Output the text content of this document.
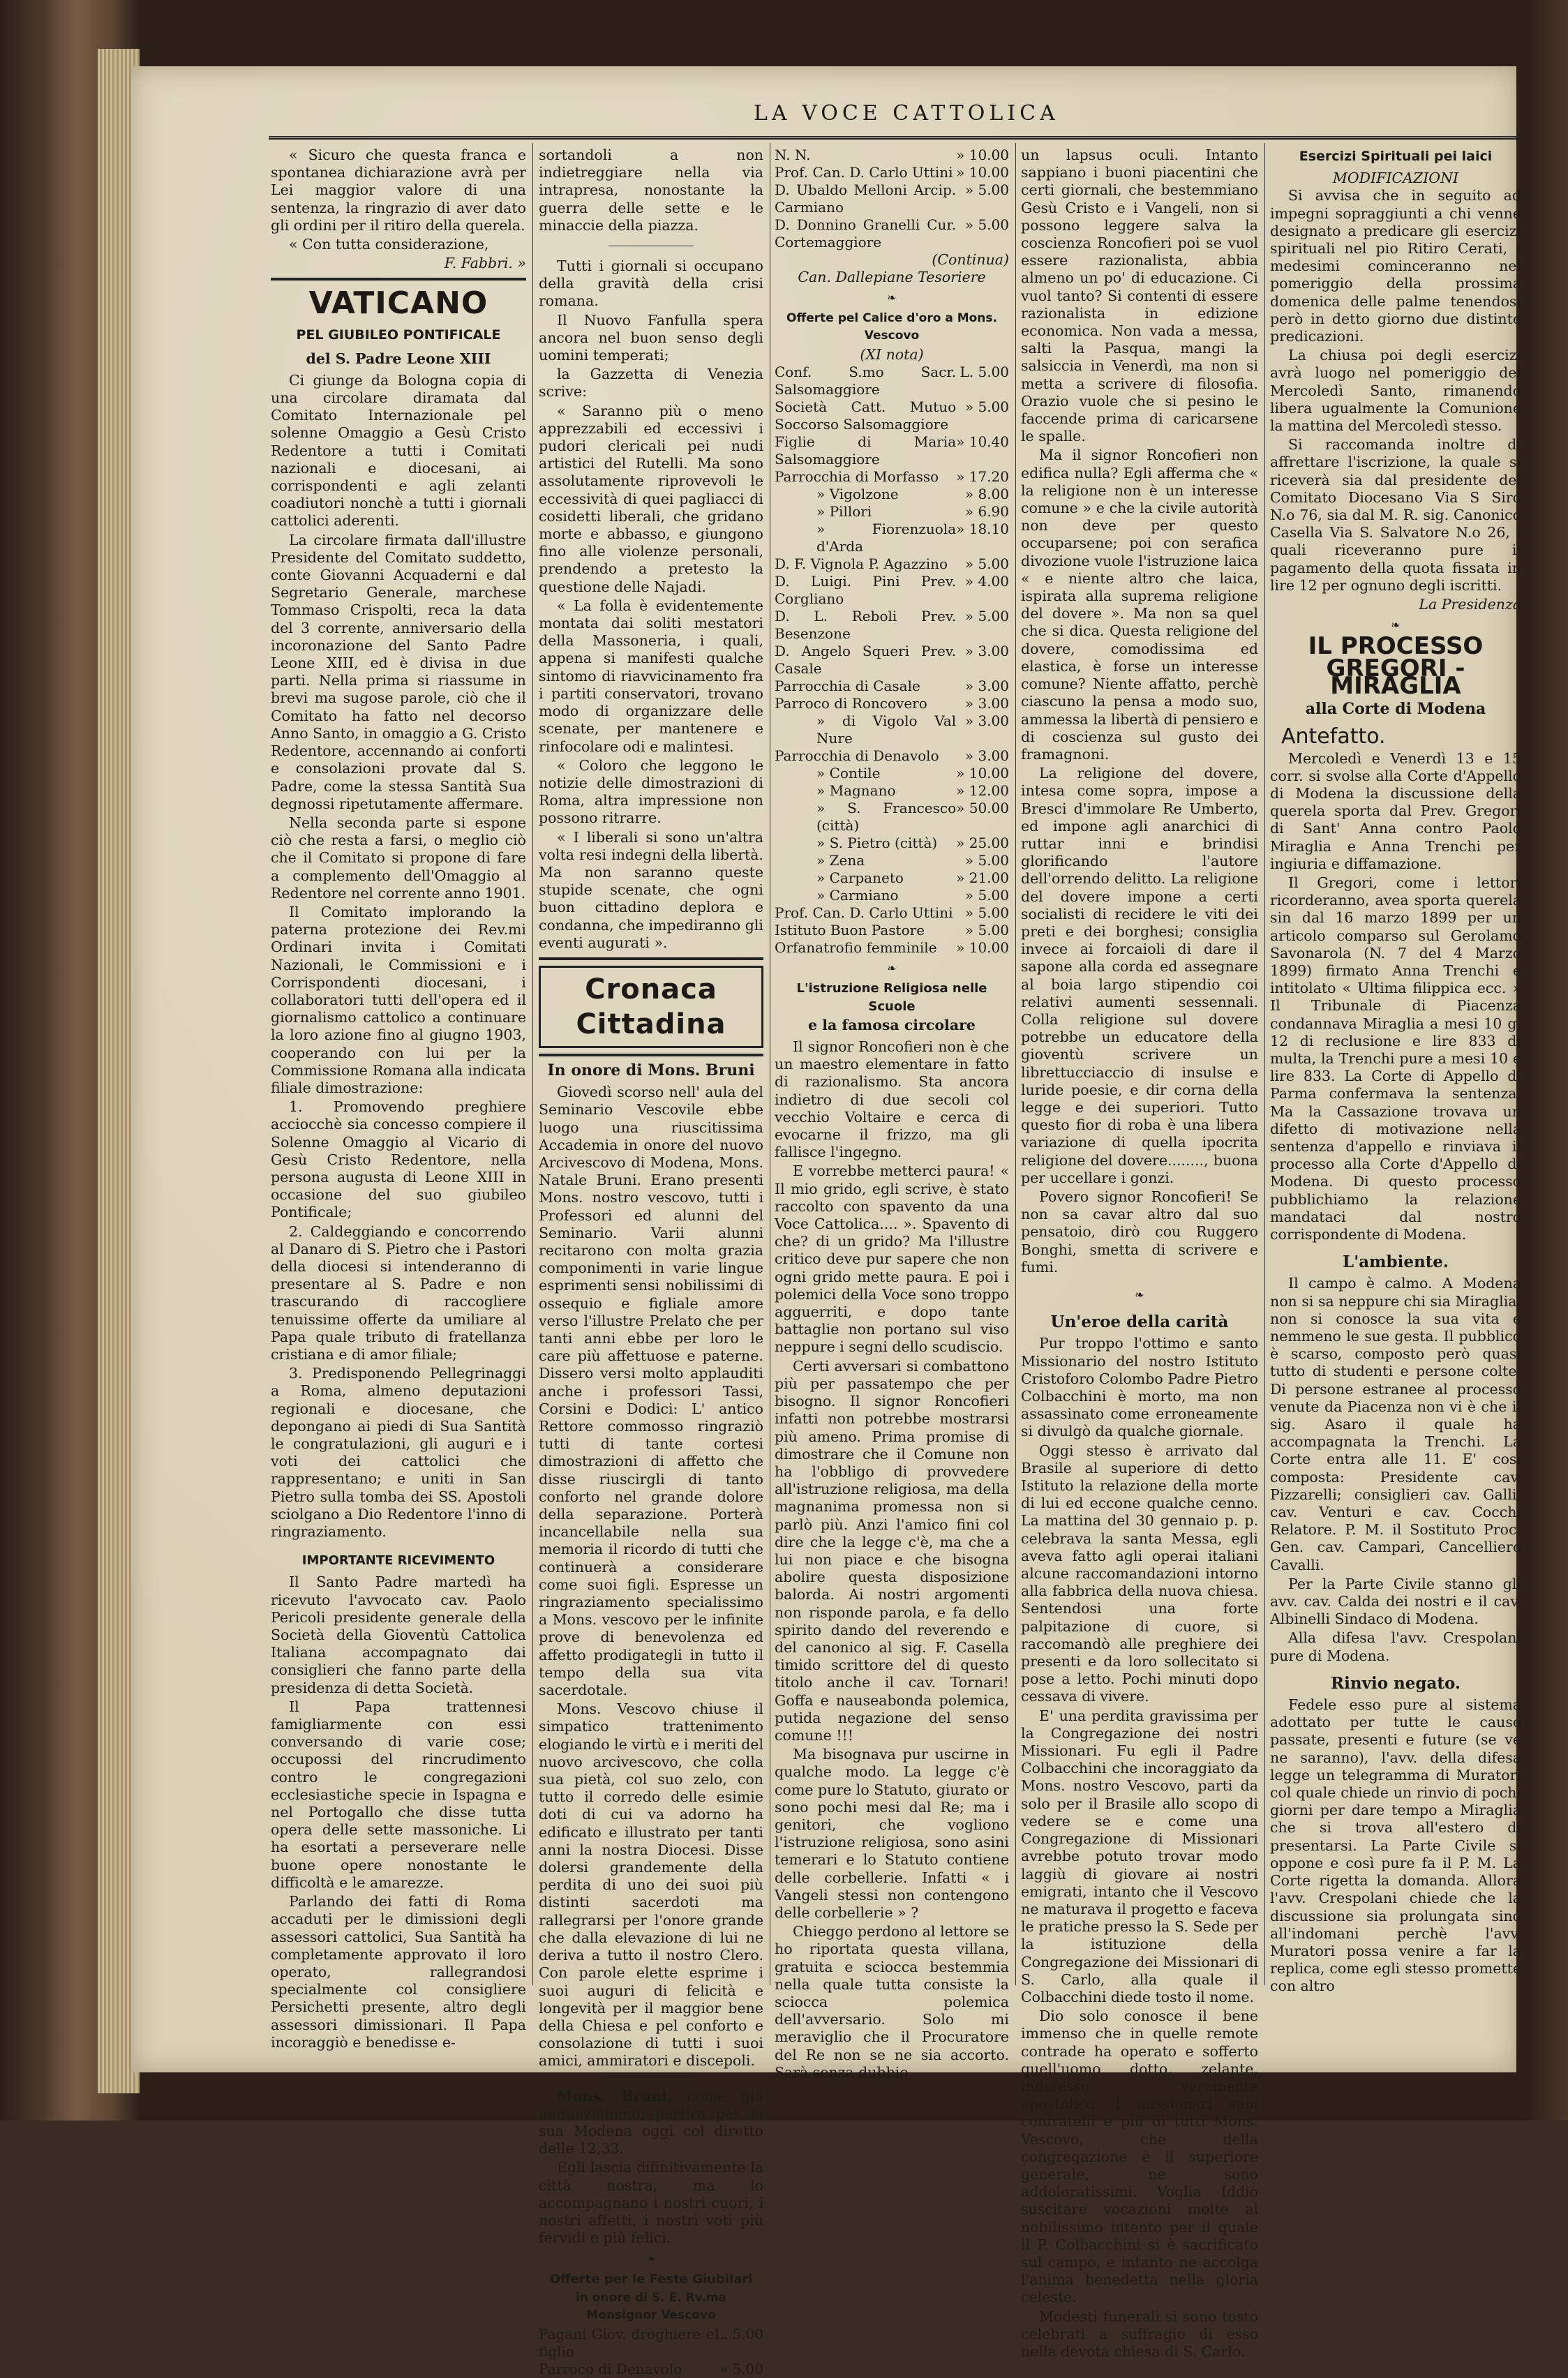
LA VOCE CATTOLICA

« Sicuro che questa franca e spontanea dichiarazione avrà per Lei maggior valore di una sentenza, la ringrazio di aver dato gli ordini per il ritiro della querela.

« Con tutta considerazione,

F. Fabbri. »
VATICANO
PEL GIUBILEO PONTIFICALE
del S. Padre Leone XIII

Ci giunge da Bologna copia di una circolare diramata dal Comitato Internazionale pel solenne Omaggio a Gesù Cristo Redentore a tutti i Comitati nazionali e diocesani, ai corrispondenti e agli zelanti coadiutori nonchè a tutti i giornali cattolici aderenti.

La circolare firmata dall'illustre Presidente del Comitato suddetto, conte Giovanni Acquaderni e dal Segretario Generale, marchese Tommaso Crispolti, reca la data del 3 corrente, anniversario della incoronazione del Santo Padre Leone XIII, ed è divisa in due parti. Nella prima si riassume in brevi ma sugose parole, ciò che il Comitato ha fatto nel decorso Anno Santo, in omaggio a G. Cristo Redentore, accennando ai conforti e consolazioni provate dal S. Padre, come la stessa Santità Sua degnossi ripetutamente affermare.

Nella seconda parte si espone ciò che resta a farsi, o meglio ciò che il Comitato si propone di fare a complemento dell'Omaggio al Redentore nel corrente anno 1901.

Il Comitato implorando la paterna protezione dei Rev.mi Ordinari invita i Comitati Nazionali, le Commissioni e i Corrispondenti diocesani, i collaboratori tutti dell'opera ed il giornalismo cattolico a continuare la loro azione fino al giugno 1903, cooperando con lui per la Commissione Romana alla indicata filiale dimostrazione:

1. Promovendo preghiere acciocchè sia concesso compiere il Solenne Omaggio al Vicario di Gesù Cristo Redentore, nella persona augusta di Leone XIII in occasione del suo giubileo Pontificale;

2. Caldeggiando e concorrendo al Danaro di S. Pietro che i Pastori della diocesi si intenderanno di presentare al S. Padre e non trascurando di raccogliere tenuissime offerte da umiliare al Papa quale tributo di fratellanza cristiana e di amor filiale;

3. Predisponendo Pellegrinaggi a Roma, almeno deputazioni regionali e diocesane, che depongano ai piedi di Sua Santità le congratulazioni, gli auguri e i voti dei cattolici che rappresentano; e uniti in San Pietro sulla tomba dei SS. Apostoli sciolgano a Dio Redentore l'inno di ringraziamento.

IMPORTANTE RICEVIMENTO

Il Santo Padre martedì ha ricevuto l'avvocato cav. Paolo Pericoli presidente generale della Società della Gioventù Cattolica Italiana accompagnato dai consiglieri che fanno parte della presidenza di detta Società.

Il Papa trattennesi famigliarmente con essi conversando di varie cose; occupossi del rincrudimento contro le congregazioni ecclesiastiche specie in Ispagna e nel Portogallo che disse tutta opera delle sette massoniche. Li ha esortati a perseverare nelle buone opere nonostante le difficoltà e le amarezze.

Parlando dei fatti di Roma accaduti per le dimissioni degli assessori cattolici, Sua Santità ha completamente approvato il loro operato, rallegrandosi specialmente col consigliere Persichetti presente, altro degli assessori dimissionari. Il Papa incoraggiò e benedisse e-

sortandoli a non indietreggiare nella via intrapresa, nonostante la guerra delle sette e le minaccie della piazza.

Tutti i giornali si occupano della gravità della crisi romana.

Il Nuovo Fanfulla spera ancora nel buon senso degli uomini temperati;

la Gazzetta di Venezia scrive:

« Saranno più o meno apprezzabili ed eccessivi i pudori clericali pei nudi artistici del Rutelli. Ma sono assolutamente riprovevoli le eccessività di quei pagliacci di cosidetti liberali, che gridano morte e abbasso, e giungono fino alle violenze personali, prendendo a pretesto la questione delle Najadi.

« La folla è evidentemente montata dai soliti mestatori della Massoneria, i quali, appena si manifesti qualche sintomo di riavvicinamento fra i partiti conservatori, trovano modo di organizzare delle scenate, per mantenere e rinfocolare odi e malintesi.

« Coloro che leggono le notizie delle dimostrazioni di Roma, altra impressione non possono ritrarre.

« I liberali si sono un'altra volta resi indegni della libertà. Ma non saranno queste stupide scenate, che ogni buon cittadino deplora e condanna, che impediranno gli eventi augurati ».

Cronaca Cittadina
In onore di Mons. Bruni

Giovedì scorso nell' aula del Seminario Vescovile ebbe luogo una riuscitissima Accademia in onore del nuovo Arcivescovo di Modena, Mons. Natale Bruni. Erano presenti Mons. nostro vescovo, tutti i Professori ed alunni del Seminario. Varii alunni recitarono con molta grazia componimenti in varie lingue esprimenti sensi nobilissimi di ossequio e figliale amore verso l'illustre Prelato che per tanti anni ebbe per loro le care più affettuose e paterne. Dissero versi molto applauditi anche i professori Tassi, Corsini e Dodici: L' antico Rettore commosso ringraziò tutti di tante cortesi dimostrazioni di affetto che disse riuscirgli di tanto conforto nel grande dolore della separazione. Porterà incancellabile nella sua memoria il ricordo di tutti che continuerà a considerare come suoi figli. Espresse un ringraziamento specialissimo a Mons. vescovo per le infinite prove di benevolenza ed affetto prodigategli in tutto il tempo della sua vita sacerdotale.

Mons. Vescovo chiuse il simpatico trattenimento elogiando le virtù e i meriti del nuovo arcivescovo, che colla sua pietà, col suo zelo, con tutto il corredo delle esimie doti di cui va adorno ha edificato e illustrato per tanti anni la nostra Diocesi. Disse dolersi grandemente della perdita di uno dei suoi più distinti sacerdoti ma rallegrarsi per l'onore grande che dalla elevazione di lui ne deriva a tutto il nostro Clero. Con parole elette esprime i suoi auguri di felicità e longevità per il maggior bene della Chiesa e pel conforto e consolazione di tutti i suoi amici, ammiratori e discepoli.

Mons. Bruni, come già annunziammo, partirà per la sua Modena oggi col diretto delle 12,33.

Egli lascia difinitivamente la città nostra, ma lo accompagnano i nostri cuori, i nostri affetti, i nostri voti più fervidi e più felici.

❧
Offerte per le Feste Giubilari
in onore di S. E. Rv.ma Monsignor Vescovo
Pagani Giov. droghiere e figlio	L. 5.00
Parroco di Denavolo	» 5.00
N. N.	» 10.00
Prof. Can. D. Carlo Uttini	» 10.00
D. Ubaldo Melloni Arcip. Carmiano	» 5.00
D. Donnino Granelli Cur. Cortemaggiore	» 5.00
(Continua)
Can. Dallepiane Tesoriere
❧
Offerte pel Calice d'oro a Mons. Vescovo
(XI nota)
Conf. S.mo Sacr. Salsomaggiore	L. 5.00
Società Catt. Mutuo Soccorso Salsomaggiore	» 5.00
Figlie di Maria Salsomaggiore	» 10.40
Parrocchia di Morfasso	» 17.20
» Vigolzone	» 8.00
» Pillori	» 6.90
» Fiorenzuola d'Arda	» 18.10
D. F. Vignola P. Agazzino	» 5.00
D. Luigi. Pini Prev. Corgliano	» 4.00
D. L. Reboli Prev. Besenzone	» 5.00
D. Angelo Squeri Prev. Casale	» 3.00
Parrocchia di Casale	» 3.00
Parroco di Roncovero	» 3.00
» di Vigolo Val Nure	» 3.00
Parrocchia di Denavolo	» 3.00
» Contile	» 10.00
» Magnano	» 12.00
» S. Francesco (città)	» 50.00
» S. Pietro (città)	» 25.00
» Zena	» 5.00
» Carpaneto	» 21.00
» Carmiano	» 5.00
Prof. Can. D. Carlo Uttini	» 5.00
Istituto Buon Pastore	» 5.00
Orfanatrofio femminile	» 10.00
❧
L'istruzione Religiosa nelle Scuole
e la famosa circolare

Il signor Roncofieri non è che un maestro elementare in fatto di razionalismo. Sta ancora indietro di due secoli col vecchio Voltaire e cerca di evocarne il frizzo, ma gli fallisce l'ingegno.

E vorrebbe metterci paura! « Il mio grido, egli scrive, è stato raccolto con spavento da una Voce Cattolica.... ». Spavento di che? di un grido? Ma l'illustre critico deve pur sapere che non ogni grido mette paura. E poi i polemici della Voce sono troppo agguerriti, e dopo tante battaglie non portano sul viso neppure i segni dello scudiscio.

Certi avversari si combattono più per passatempo che per bisogno. Il signor Roncofieri infatti non potrebbe mostrarsi più ameno. Prima promise di dimostrare che il Comune non ha l'obbligo di provvedere all'istruzione religiosa, ma della magnanima promessa non si parlò più. Anzi l'amico fini col dire che la legge c'è, ma che a lui non piace e che bisogna abolire questa disposizione balorda. Ai nostri argomenti non risponde parola, e fa dello spirito dando del reverendo e del canonico al sig. F. Casella timido scrittore del di questo titolo anche il cav. Tornari! Goffa e nauseabonda polemica, putida negazione del senso comune !!!

Ma bisognava pur uscirne in qualche modo. La legge c'è come pure lo Statuto, giurato or sono pochi mesi dal Re; ma i genitori, che vogliono l'istruzione religiosa, sono asini temerari e lo Statuto contiene delle corbellerie. Infatti « i Vangeli stessi non contengono delle corbellerie » ?

Chieggo perdono al lettore se ho riportata questa villana, gratuita e sciocca bestemmia nella quale tutta consiste la sciocca polemica dell'avversario. Solo mi meraviglio che il Procuratore del Re non se ne sia accorto. Sarà senza dubbio

un lapsus oculi. Intanto sappiano i buoni piacentini che certi giornali, che bestemmiano Gesù Cristo e i Vangeli, non si possono leggere salva la coscienza Roncofieri poi se vuol essere razionalista, abbia almeno un po' di educazione. Ci vuol tanto? Si contenti di essere razionalista in edizione economica. Non vada a messa, salti la Pasqua, mangi la salsiccia in Venerdì, ma non si metta a scrivere di filosofia. Orazio vuole che si pesino le faccende prima di caricarsene le spalle.

Ma il signor Roncofieri non edifica nulla? Egli afferma che « la religione non è un interesse comune » e che la civile autorità non deve per questo occuparsene; poi con serafica divozione vuole l'istruzione laica « e niente altro che laica, ispirata alla suprema religione del dovere ». Ma non sa quel che si dica. Questa religione del dovere, comodissima ed elastica, è forse un interesse comune? Niente affatto, perchè ciascuno la pensa a modo suo, ammessa la libertà di pensiero e di coscienza sul gusto dei framagnoni.

La religione del dovere, intesa come sopra, impose a Bresci d'immolare Re Umberto, ed impone agli anarchici di ruttar inni e brindisi glorificando l'autore dell'orrendo delitto. La religione del dovere impone a certi socialisti di recidere le viti dei preti e dei borghesi; consiglia invece ai forcaioli di dare il sapone alla corda ed assegnare al boia largo stipendio coi relativi aumenti sessennali. Colla religione sul dovere potrebbe un educatore della gioventù scrivere un librettucciaccio di insulse e luride poesie, e dir corna della legge e dei superiori. Tutto questo fior di roba è una libera variazione di quella ipocrita religione del dovere........, buona per uccellare i gonzi.

Povero signor Roncofieri! Se non sa cavar altro dal suo pensatoio, dirò cou Ruggero Bonghi, smetta di scrivere e fumi.

❧
Un'eroe della carità

Pur troppo l'ottimo e santo Missionario del nostro Istituto Cristoforo Colombo Padre Pietro Colbacchini è morto, ma non assassinato come erroneamente si divulgò da qualche giornale.

Oggi stesso è arrivato dal Brasile al superiore di detto Istituto la relazione della morte di lui ed eccone qualche cenno. La mattina del 30 gennaio p. p. celebrava la santa Messa, egli aveva fatto agli operai italiani alcune raccomandazioni intorno alla fabbrica della nuova chiesa. Sentendosi una forte palpitazione di cuore, si raccomandò alle preghiere dei presenti e da loro sollecitato si pose a letto. Pochi minuti dopo cessava di vivere.

E' una perdita gravissima per la Congregazione dei nostri Missionari. Fu egli il Padre Colbacchini che incoraggiato da Mons. nostro Vescovo, parti da solo per il Brasile allo scopo di vedere se e come una Congregazione di Missionari avrebbe potuto trovar modo laggiù di giovare ai nostri emigrati, intanto che il Vescovo ne maturava il progetto e faceva le pratiche presso la S. Sede per la istituzione della Congregazione dei Missionari di S. Carlo, alla quale il Colbacchini diede tosto il nome.

Dio solo conosce il bene immenso che in quelle remote contrade ha operato e sofferto quell'uomo dotto, zelante, indefesso, veramente apostolico. I missionari suoi confratelli e più di tutti Mons. Vescovo, che della congregazione è il superiore generale, ne sono addoloratissimi. Voglia Iddio suscitare vocazioni molte al nobilissimo intento per il quale il P. Colbacchini si è sacrificato sul campo, e intanto ne accolga l'anima benedetta nella gloria celeste.

Modesti funerali si sono tosto celebrati a suffragio di esso nella devota chiesa di S. Carlo.

Esercizi Spirituali pei laici
MODIFICAZIONI

Si avvisa che in seguito ad impegni sopraggiunti a chi venne designato a predicare gli esercizi spirituali nel pio Ritiro Cerati, i medesimi cominceranno nel pomeriggio della prossima domenica delle palme tenendosi però in detto giorno due distinte predicazioni.

La chiusa poi degli esercizi avrà luogo nel pomeriggio del Mercoledì Santo, rimanendo libera ugualmente la Comunione la mattina del Mercoledì stesso.

Si raccomanda inoltre di affrettare l'iscrizione, la quale si riceverà sia dal presidente del Comitato Diocesano Via S Siro N.o 76, sia dal M. R. sig. Canonico Casella Via S. Salvatore N.o 26, i quali riceveranno pure il pagamento della quota fissata in lire 12 per ognuno degli iscritti.

La Presidenza
❧
IL PROCESSO
GREGORI - MIRAGLIA
alla Corte di Modena
Antefatto.

Mercoledì e Venerdì 13 e 15 corr. si svolse alla Corte d'Appello di Modena la discussione della querela sporta dal Prev. Gregori di Sant' Anna contro Paolo Miraglia e Anna Trenchi per ingiuria e diffamazione.

Il Gregori, come i lettori ricorderanno, avea sporta querela sin dal 16 marzo 1899 per un articolo comparso sul Gerolamo Savonarola (N. 7 del 4 Marzo 1899) firmato Anna Trenchi e intitolato « Ultima filippica ecc. » Il Tribunale di Piacenza condannava Miraglia a mesi 10 g. 12 di reclusione e lire 833 di multa, la Trenchi pure a mesi 10 e lire 833. La Corte di Appello di Parma confermava la sentenza. Ma la Cassazione trovava un difetto di motivazione nella sentenza d'appello e rinviava il processo alla Corte d'Appello di Modena. Di questo processo pubblichiamo la relazione mandataci dal nostro corrispondente di Modena.

L'ambiente.

Il campo è calmo. A Modena non si sa neppure chi sia Miraglia, non si conosce la sua vita e nemmeno le sue gesta. Il pubblico è scarso, composto però quasi tutto di studenti e persone colte. Di persone estranee al processo venute da Piacenza non vi è che il sig. Asaro il quale ha accompagnata la Trenchi. La Corte entra alle 11. E' così composta: Presidente cav. Pizzarelli; consiglieri cav. Galli, cav. Venturi e cav. Cocchi Relatore. P. M. il Sostituto Proc. Gen. cav. Campari, Cancelliere Cavalli.

Per la Parte Civile stanno gli avv. cav. Calda dei nostri e il cav. Albinelli Sindaco di Modena.

Alla difesa l'avv. Crespolani pure di Modena.

Rinvio negato.

Fedele esso pure al sistema adottato per tutte le cause passate, presenti e future (se ve ne saranno), l'avv. della difesa legge un telegramma di Muratori col quale chiede un rinvio di pochi giorni per dare tempo a Miraglia che si trova all'estero di presentarsi. La Parte Civile si oppone e così pure fa il P. M. La Corte rigetta la domanda. Allora l'avv. Crespolani chiede che la discussione sia prolungata sino all'indomani perchè l'avv. Muratori possa venire a far la replica, come egli stesso promette con altro
